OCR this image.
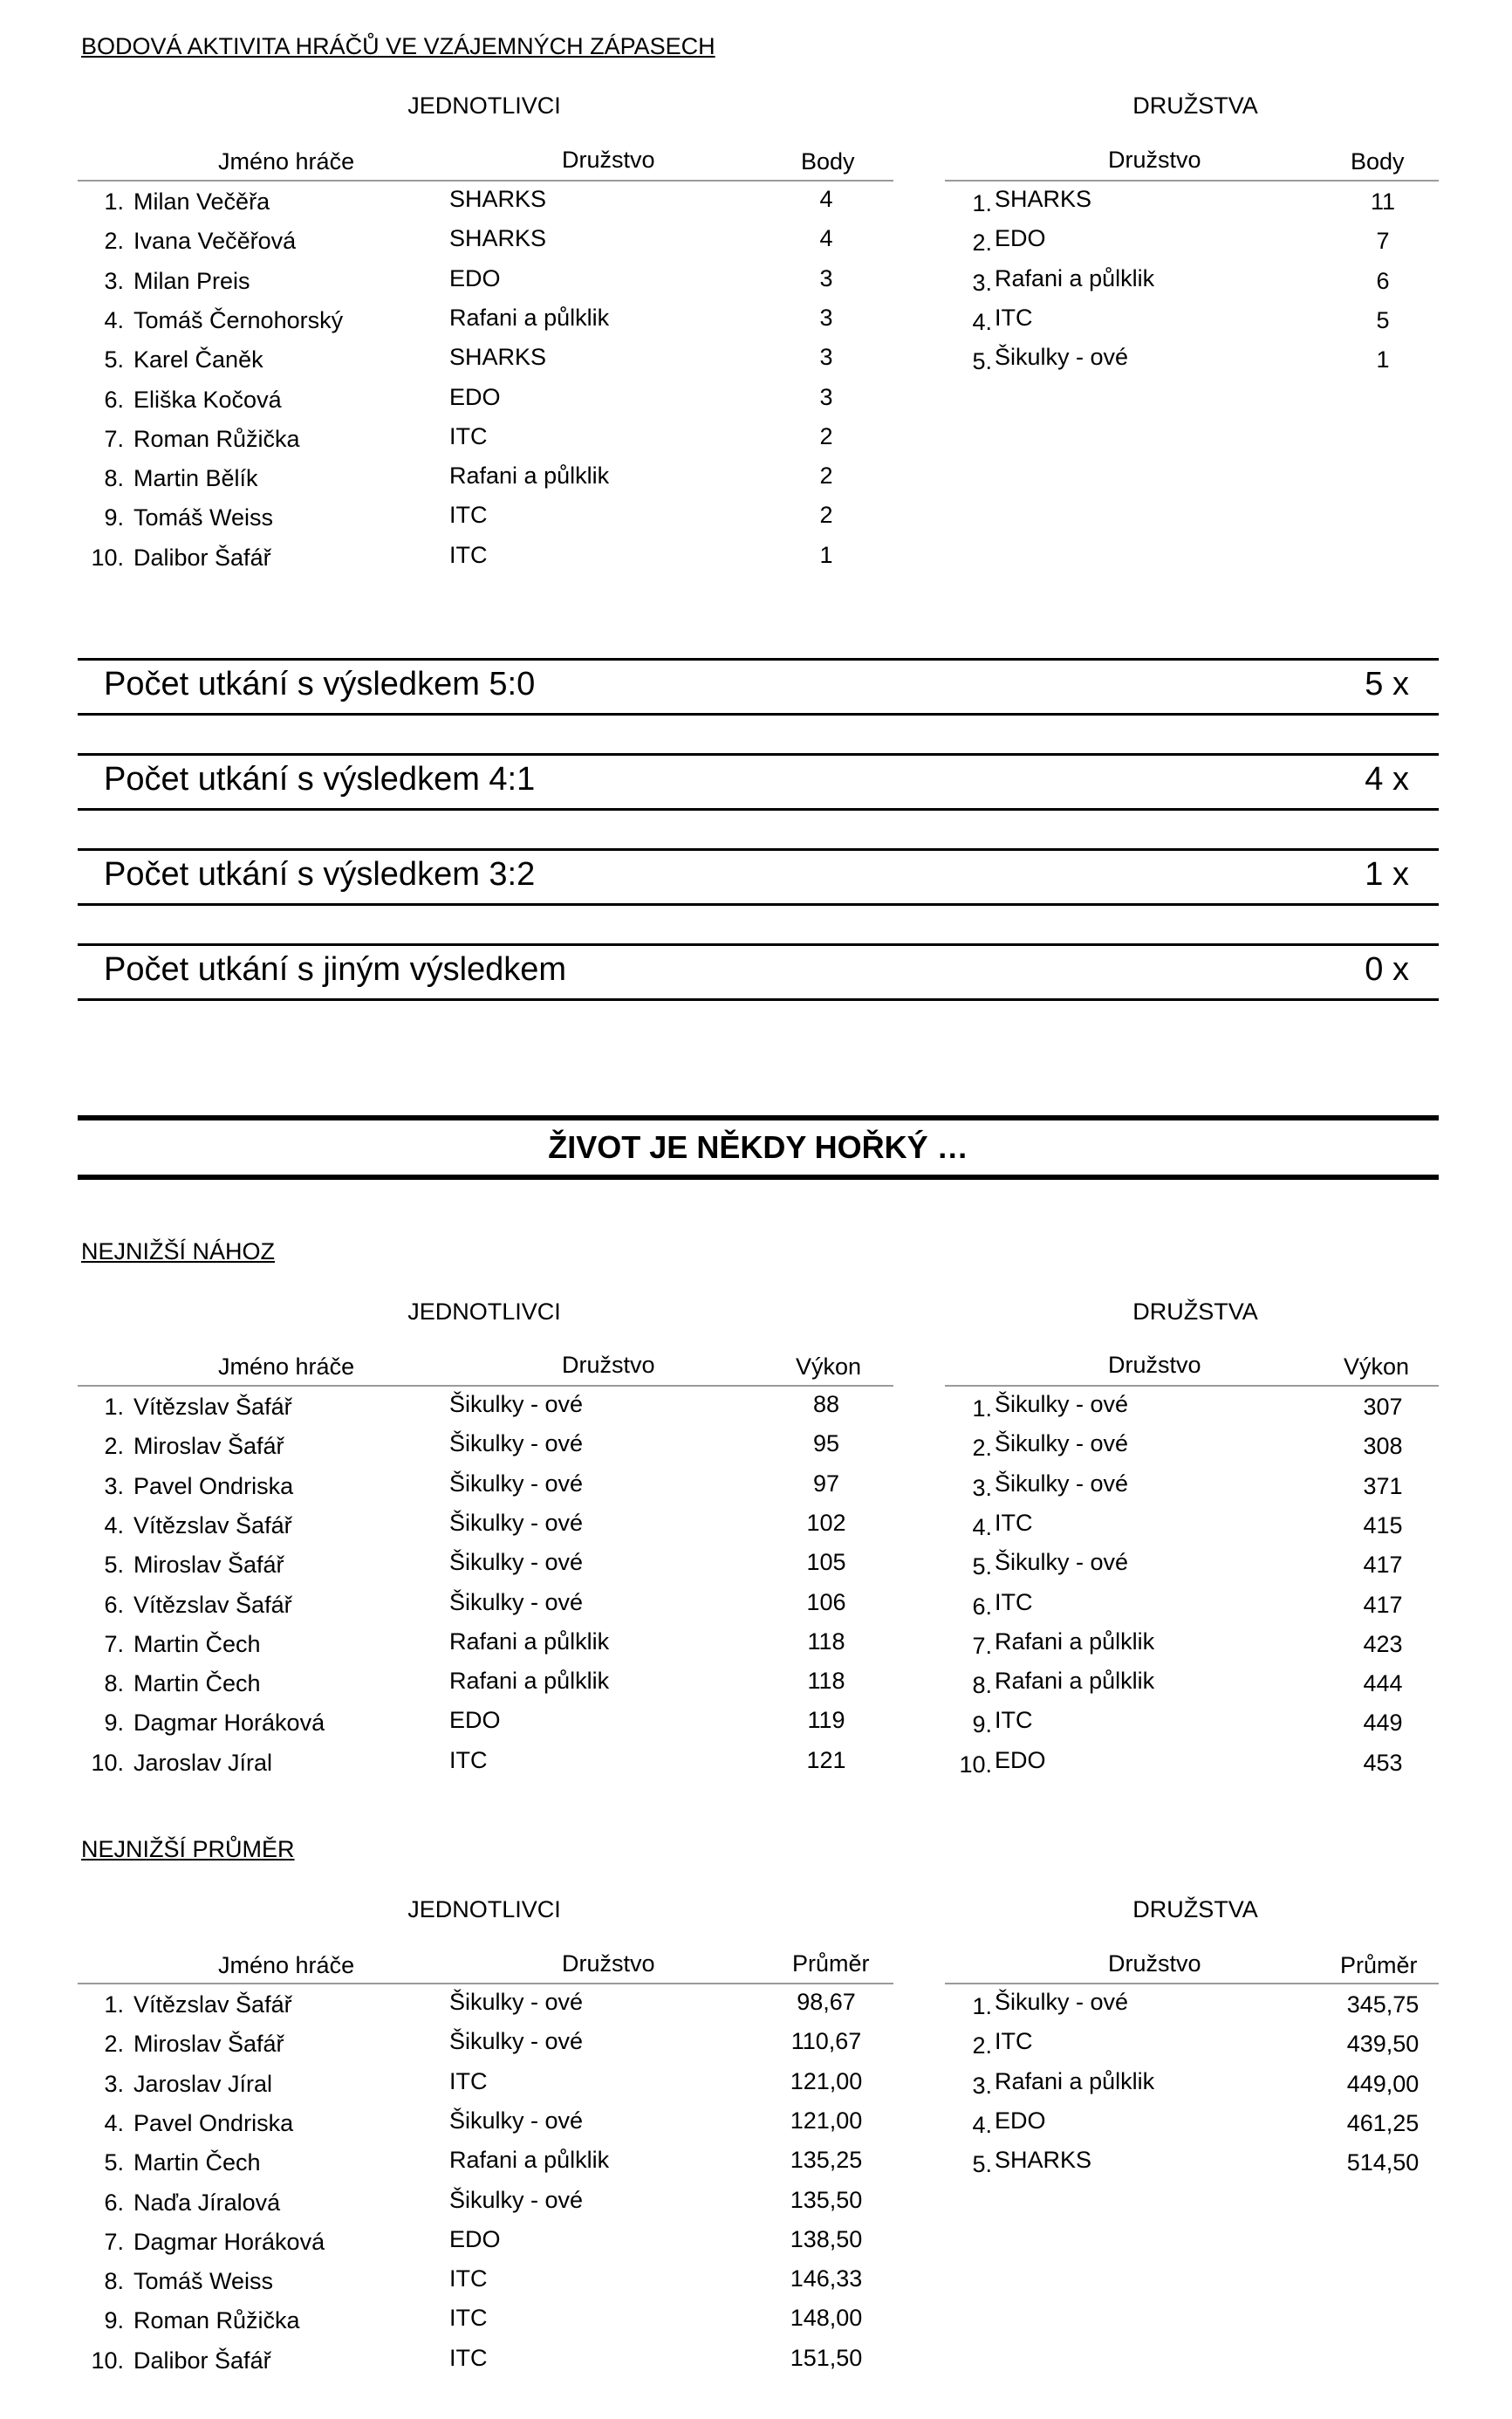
BODOVÁ AKTIVITA HRÁČŮ VE VZÁJEMNÝCH ZÁPASECH
JEDNOTLIVCI	DRUŽSTVA
Jméno hráče	Družstvo	Body	Družstvo	Body
1. Milan Večěřa	SHARKS	4
2. Ivana Večěřová	SHARKS	4
3. Milan Preis	EDO	3
4. Tomáš Černohorský	Rafani a půlklik	3
5. Karel Čaněk	SHARKS	3
6. Eliška Kočová	EDO	3
7. Roman Růžička	ITC	2
8. Martin Bělík	Rafani a půlklik	2
9. Tomáš Weiss	ITC	2
10. Dalibor Šafář	ITC	1
1. SHARKS	11
2. EDO	7
3. Rafani a půlklik	6
4. ITC	5
5. Šikulky - ové	1
Počet utkání s výsledkem 5:0	5 x
Počet utkání s výsledkem 4:1	4 x
Počet utkání s výsledkem 3:2	1 x
Počet utkání s jiným výsledkem	0 x
ŽIVOT JE NĚKDY HOŘKÝ …
NEJNIŽŠÍ NÁHOZ
JEDNOTLIVCI	DRUŽSTVA
Jméno hráče	Družstvo	Výkon	Družstvo	Výkon
1. Vítězslav Šafář	Šikulky - ové	88
2. Miroslav Šafář	Šikulky - ové	95
3. Pavel Ondriska	Šikulky - ové	97
4. Vítězslav Šafář	Šikulky - ové	102
5. Miroslav Šafář	Šikulky - ové	105
6. Vítězslav Šafář	Šikulky - ové	106
7. Martin Čech	Rafani a půlklik	118
8. Martin Čech	Rafani a půlklik	118
9. Dagmar Horáková	EDO	119
10. Jaroslav Jíral	ITC	121
1. Šikulky - ové	307
2. Šikulky - ové	308
3. Šikulky - ové	371
4. ITC	415
5. Šikulky - ové	417
6. ITC	417
7. Rafani a půlklik	423
8. Rafani a půlklik	444
9. ITC	449
10. EDO	453
NEJNIŽŠÍ PRŮMĚR
JEDNOTLIVCI	DRUŽSTVA
Jméno hráče	Družstvo	Průměr	Družstvo	Průměr
1. Vítězslav Šafář	Šikulky - ové	98,67
2. Miroslav Šafář	Šikulky - ové	110,67
3. Jaroslav Jíral	ITC	121,00
4. Pavel Ondriska	Šikulky - ové	121,00
5. Martin Čech	Rafani a půlklik	135,25
6. Naďa Jíralová	Šikulky - ové	135,50
7. Dagmar Horáková	EDO	138,50
8. Tomáš Weiss	ITC	146,33
9. Roman Růžička	ITC	148,00
10. Dalibor Šafář	ITC	151,50
1. Šikulky - ové	345,75
2. ITC	439,50
3. Rafani a půlklik	449,00
4. EDO	461,25
5. SHARKS	514,50
